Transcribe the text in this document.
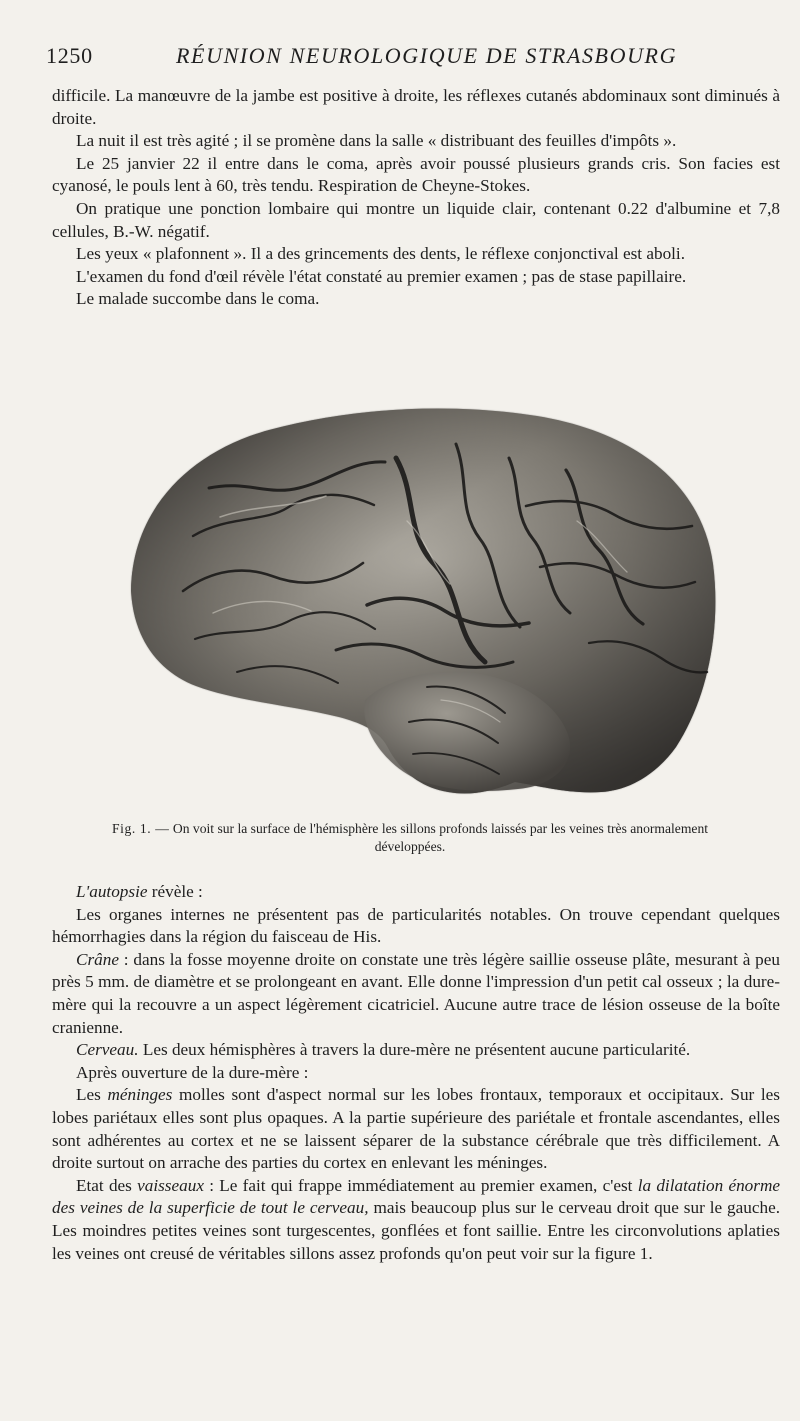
1250	RÉUNION NEUROLOGIQUE DE STRASBOURG

difficile. La manœuvre de la jambe est positive à droite, les réflexes cutanés abdominaux sont diminués à droite.

La nuit il est très agité ; il se promène dans la salle « distribuant des feuilles d'impôts ».

Le 25 janvier 22 il entre dans le coma, après avoir poussé plusieurs grands cris. Son facies est cyanosé, le pouls lent à 60, très tendu. Respiration de Cheyne-Stokes.

On pratique une ponction lombaire qui montre un liquide clair, contenant 0.22 d'albumine et 7,8 cellules, B.-W. négatif.

Les yeux « plafonnent ». Il a des grincements des dents, le réflexe conjonctival est aboli.

L'examen du fond d'œil révèle l'état constaté au premier examen ; pas de stase papillaire.

Le malade succombe dans le coma.

Fig. 1. — On voit sur la surface de l'hémisphère les sillons profonds laissés par les veines très anormalement développées.

L'autopsie révèle :

Les organes internes ne présentent pas de particularités notables. On trouve cependant quelques hémorrhagies dans la région du faisceau de His.

Crâne : dans la fosse moyenne droite on constate une très légère saillie osseuse plâte, mesurant à peu près 5 mm. de diamètre et se prolongeant en avant. Elle donne l'impression d'un petit cal osseux ; la dure-mère qui la recouvre a un aspect légèrement cicatriciel. Aucune autre trace de lésion osseuse de la boîte cranienne.

Cerveau. Les deux hémisphères à travers la dure-mère ne présentent aucune particularité.

Après ouverture de la dure-mère :

Les méninges molles sont d'aspect normal sur les lobes frontaux, temporaux et occipitaux. Sur les lobes pariétaux elles sont plus opaques. A la partie supérieure des pariétale et frontale ascendantes, elles sont adhérentes au cortex et ne se laissent séparer de la substance cérébrale que très difficilement. A droite surtout on arrache des parties du cortex en enlevant les méninges.

Etat des vaisseaux : Le fait qui frappe immédiatement au premier examen, c'est la dilatation énorme des veines de la superficie de tout le cerveau, mais beaucoup plus sur le cerveau droit que sur le gauche. Les moindres petites veines sont turgescentes, gonflées et font saillie. Entre les circonvolutions aplaties les veines ont creusé de véritables sillons assez profonds qu'on peut voir sur la figure 1.
